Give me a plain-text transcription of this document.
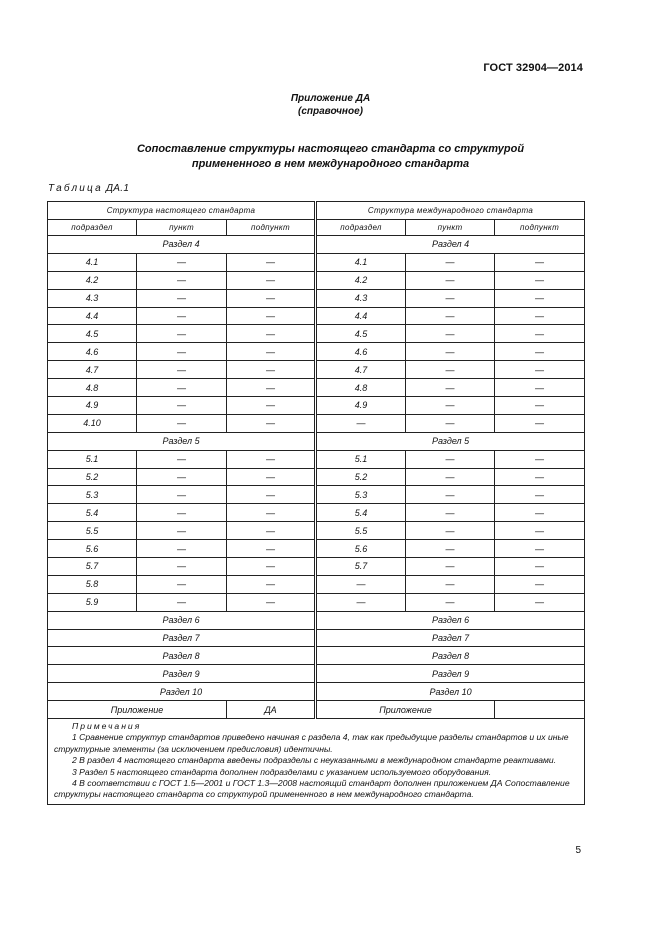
ГОСТ 32904—2014
Приложение ДА
(справочное)
Сопоставление структуры настоящего стандарта со структурой
примененного в нем международного стандарта
Таблица ДА.1
Структура настоящего стандарта			Структура международного стандарта		
подраздел	пункт	подпункт	подраздел	пункт	подпункт
Раздел 4			Раздел 4		
4.1	—	—	4.1	—	—
4.2	—	—	4.2	—	—
4.3	—	—	4.3	—	—
4.4	—	—	4.4	—	—
4.5	—	—	4.5	—	—
4.6	—	—	4.6	—	—
4.7	—	—	4.7	—	—
4.8	—	—	4.8	—	—
4.9	—	—	4.9	—	—
4.10	—	—	—	—	—
Раздел 5			Раздел 5		
5.1	—	—	5.1	—	—
5.2	—	—	5.2	—	—
5.3	—	—	5.3	—	—
5.4	—	—	5.4	—	—
5.5	—	—	5.5	—	—
5.6	—	—	5.6	—	—
5.7	—	—	5.7	—	—
5.8	—	—	—	—	—
5.9	—	—	—	—	—
Раздел 6			Раздел 6		
Раздел 7			Раздел 7		
Раздел 8			Раздел 8		
Раздел 9			Раздел 9		
Раздел 10			Раздел 10		
Приложение		ДА	Приложение		

Примечания
1 Сравнение структур стандартов приведено начиная с раздела 4, так как предыдущие разделы стандартов и их иные структурные элементы (за исключением предисловия) идентичны.
2 В раздел 4 настоящего стандарта введены подразделы с неуказанными в международном стандарте реактивами.
3 Раздел 5 настоящего стандарта дополнен подразделами с указанием используемого оборудования.
4 В соответствии с ГОСТ 1.5—2001 и ГОСТ 1.3—2008 настоящий стандарт дополнен приложением ДА Сопоставление структуры настоящего стандарта со структурой примененного в нем международного стандарта.					
5
